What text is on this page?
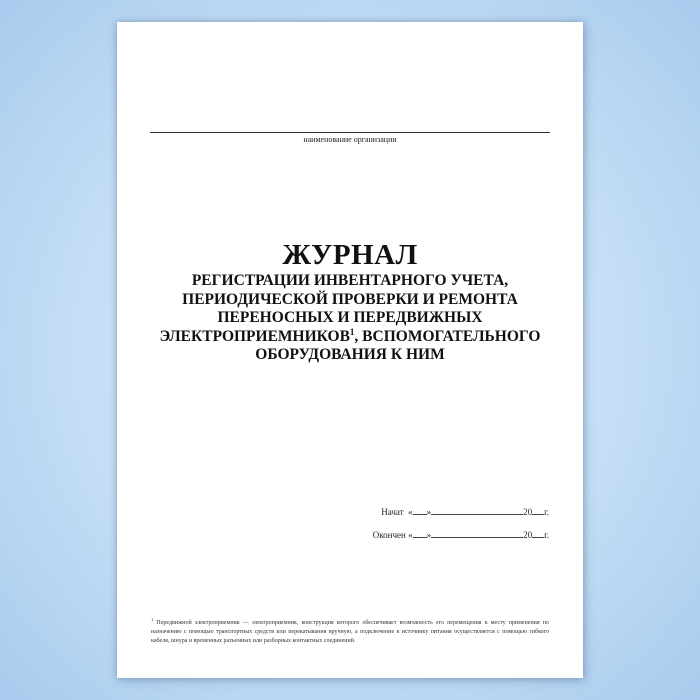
наименование организации
ЖУРНАЛ
РЕГИСТРАЦИИ ИНВЕНТАРНОГО УЧЕТА, ПЕРИОДИЧЕСКОЙ ПРОВЕРКИ И РЕМОНТА ПЕРЕНОСНЫХ И ПЕРЕДВИЖНЫХ ЭЛЕКТРОПРИЕМНИКОВ$^1$, ВСПОМОГАТЕЛЬНОГО ОБОРУДОВАНИЯ К НИМ
Начат « »	20 г.
Окончен « »	20 г.
$^1$ Передвижной электроприемник — электроприемник, конструкция которого обеспечивает возможность его перемещения к месту применения по назначению с помощью транспортных средств или перекатывания вручную, а подключение к источнику питания осуществляется с помощью гибкого кабеля, шнура и временных разъемных или разборных контактных соединений.
